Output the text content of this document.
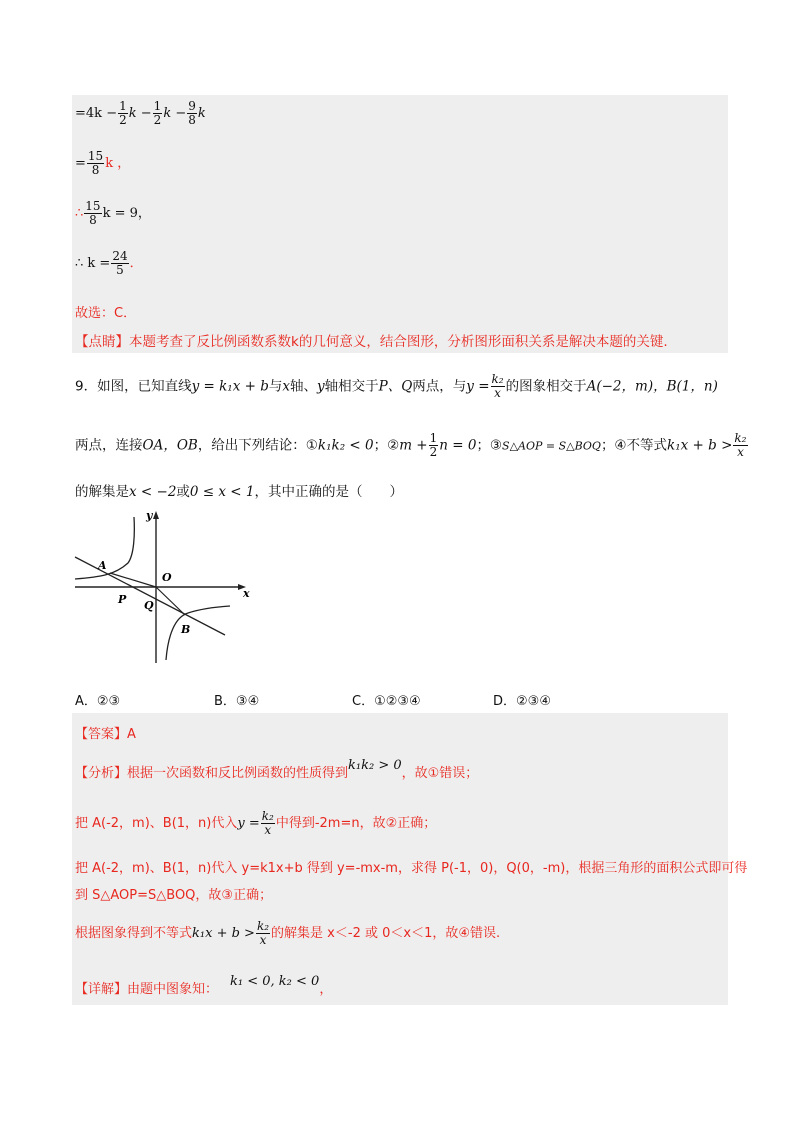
$=4k - \frac{1}{2}$ $k - \frac{1}{2}$ $k - \frac{9}{8}$ k
= $\frac{15}{8}$ k ，
∴ $\frac{15}{8}$ k = 9，
∴ $k = \frac{24}{5}$ ．
故选：C．
【点睛】本题考查了反比例函数系数k的几何意义，结合图形，分析图形面积关系是解决本题的关键.
9．如图，已知直线y = k₁x + b与x轴、y轴相交于P、Q两点，与$y = \frac{\text{k₂}}{x}$ 的图象相交于A(−2，m)，B(1，n)
两点，连接OA，OB，给出下列结论：①k₁k₂ < 0；②m + $\frac{1}{2}$ n = 0；③S△AOP = S△BOQ；④不等式$k_1x + b > \frac{\text{k₂}}{x}$
的解集是x < −2或0 ≤ x < 1，其中正确的是（　　）
y
A
O
x
P Q
B
A．②③	B．③④	C．①②③④	D．②③④
【答案】A
【分析】根据一次函数和反比例函数的性质得到k₁k₂ > 0，故①错误；
把 A(-2，m)、B(1，n)代入$y = \frac{\text{k₂}}{x}$ 中得到-2m=n，故②正确；
把 A(-2，m)、B(1，n)代入 y=k1x+b 得到 y=-mx-m，求得 P(-1，0)，Q(0，-m)，根据三角形的面积公式即可得
到 S△AOP=S△BOQ，故③正确；
根据图象得到不等式$k_1x + b > \frac{\text{k₂}}{x}$ 的解集是 x＜-2 或 0＜x＜1，故④错误.
【详解】由题中图象知：k₁ < 0, k₂ < 0，
